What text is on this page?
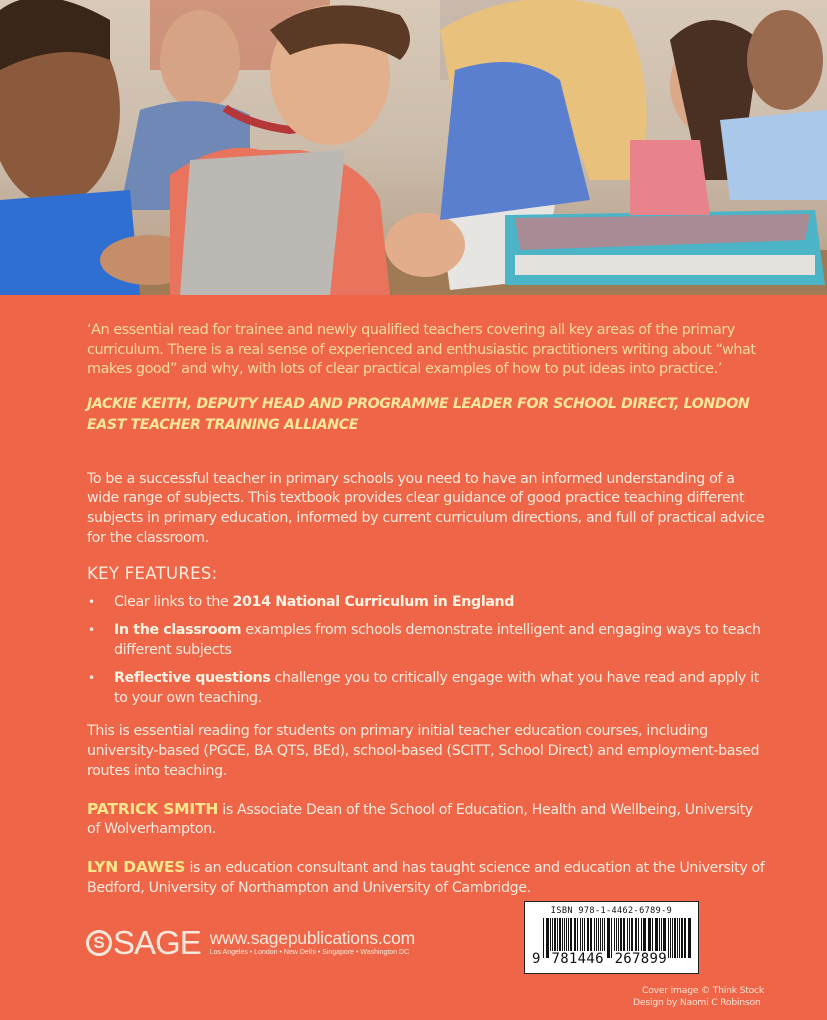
‘An essential read for trainee and newly qualified teachers covering all key areas of the primary curriculum. There is a real sense of experienced and enthusiastic practitioners writing about “what makes good” and why, with lots of clear practical examples of how to put ideas into practice.’

JACKIE KEITH, DEPUTY HEAD AND PROGRAMME LEADER FOR SCHOOL DIRECT, LONDON EAST TEACHER TRAINING ALLIANCE

To be a successful teacher in primary schools you need to have an informed understanding of a wide range of subjects. This textbook provides clear guidance of good practice teaching different subjects in primary education, informed by current curriculum directions, and full of practical advice for the classroom.

KEY FEATURES:
• Clear links to the 2014 National Curriculum in England
• In the classroom examples from schools demonstrate intelligent and engaging ways to teach different subjects
• Reflective questions challenge you to critically engage with what you have read and apply it to your own teaching.

This is essential reading for students on primary initial teacher education courses, including university-based (PGCE, BA QTS, BEd), school-based (SCITT, School Direct) and employment-based routes into teaching.

PATRICK SMITH is Associate Dean of the School of Education, Health and Wellbeing, University of Wolverhampton.

LYN DAWES is an education consultant and has taught science and education at the University of Bedford, University of Northampton and University of Cambridge.

S SAGE www.sagepublications.com
Los Angeles • London • New Delhi • Singapore • Washington DC
ISBN 978-1-4462-6789-9
9 781446 267899
Cover image © Think Stock
Design by Naomi C Robinson
